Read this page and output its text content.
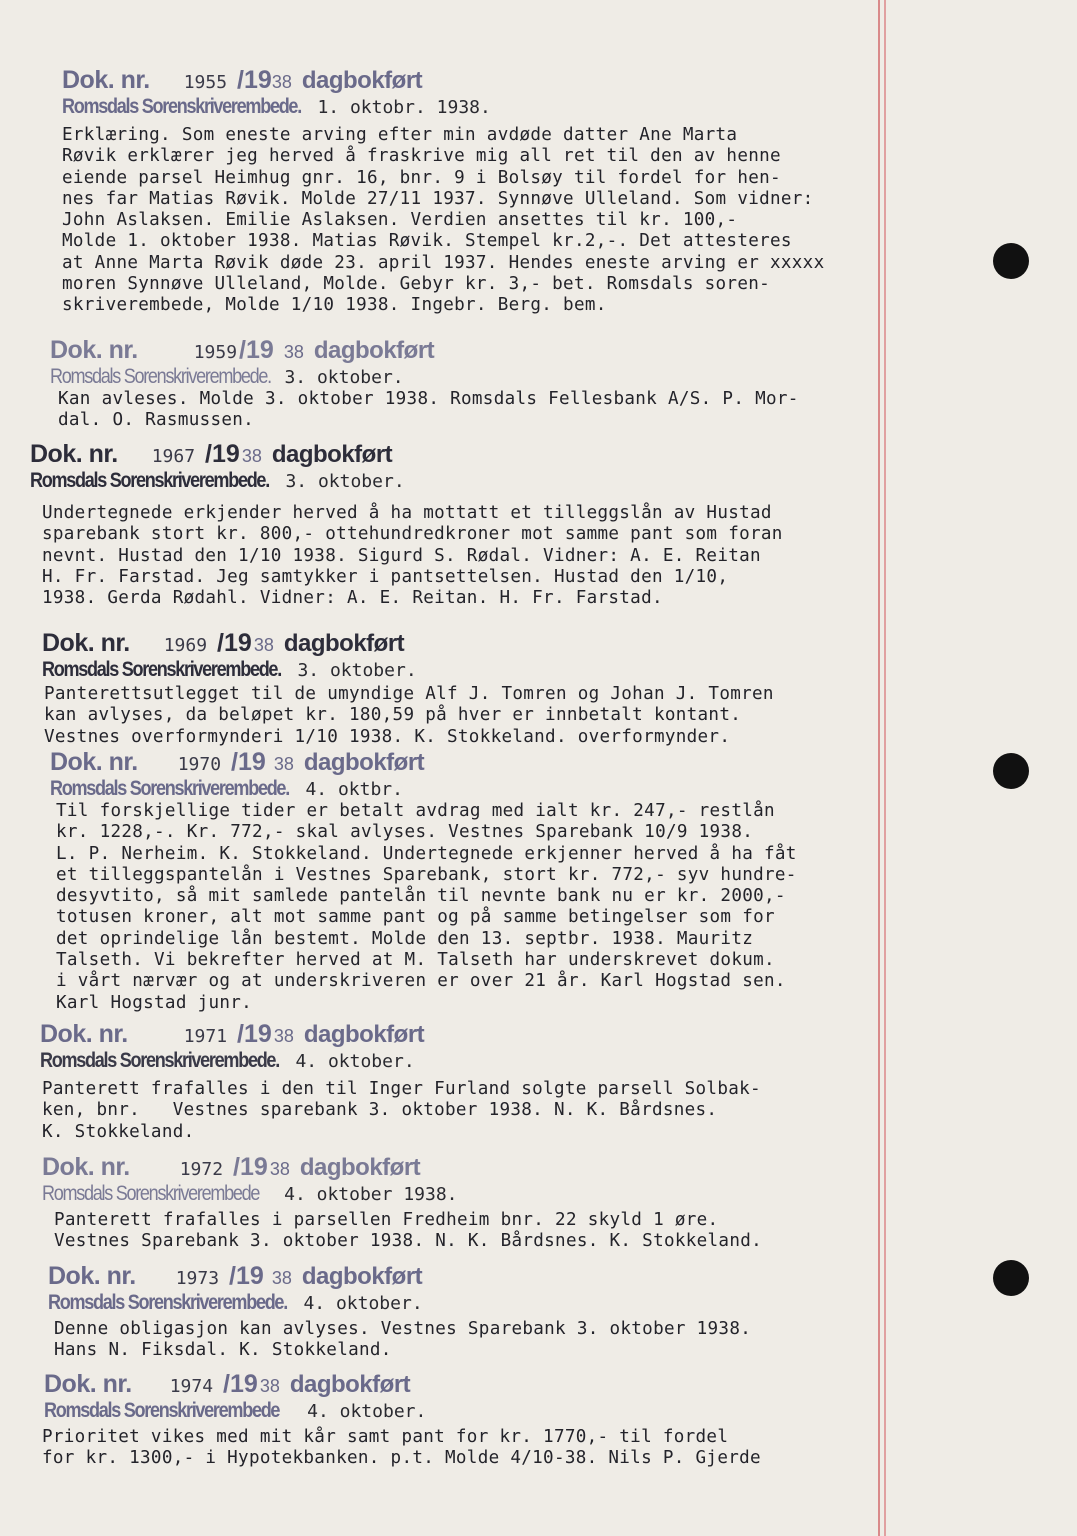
Dok. nr. 1955 /1938 dagbokført
Romsdals Sorenskriverembede. 1. oktobr. 1938.
Erklæring. Som eneste arving efter min avdøde datter Ane Marta
Røvik erklærer jeg herved å fraskrive mig all ret til den av henne
eiende parsel Heimhug gnr. 16, bnr. 9 i Bolsøy til fordel for hen-
nes far Matias Røvik. Molde 27/11 1937. Synnøve Ulleland. Som vidner:
John Aslaksen. Emilie Aslaksen. Verdien ansettes til kr. 100,-
Molde 1. oktober 1938. Matias Røvik. Stempel kr.2,-. Det attesteres
at Anne Marta Røvik døde 23. april 1937. Hendes eneste arving er xxxxx
moren Synnøve Ulleland, Molde. Gebyr kr. 3,- bet. Romsdals soren-
skriverembede, Molde 1/10 1938. Ingebr. Berg. bem.
Dok. nr.	1959/19 38 dagbokført
Romsdals Sorenskriverembede. 3. oktober.
Kan avleses. Molde 3. oktober 1938. Romsdals Fellesbank A/S. P. Mor-
dal. O. Rasmussen.
Dok. nr. 1967 /19 38 dagbokført
Romsdals Sorenskriverembede. 3. oktober.
Undertegnede erkjender herved å ha mottatt et tilleggslån av Hustad
sparebank stort kr. 800,- ottehundredkroner mot samme pant som foran
nevnt. Hustad den 1/10 1938. Sigurd S. Rødal. Vidner: A. E. Reitan
H. Fr. Farstad. Jeg samtykker i pantsettelsen. Hustad den 1/10,
1938. Gerda Rødahl. Vidner: A. E. Reitan. H. Fr. Farstad.
Dok. nr. 1969 /19 38 dagbokført
Romsdals Sorenskriverembede. 3. oktober.
Panterettsutlegget til de umyndige Alf J. Tomren og Johan J. Tomren
kan avlyses, da beløpet kr. 180,59 på hver er innbetalt kontant.
Vestnes overformynderi 1/10 1938. K. Stokkeland. overformynder.
Dok. nr. 1970 /19 38 dagbokført
Romsdals Sorenskriverembede. 4. oktbr.
Til forskjellige tider er betalt avdrag med ialt kr. 247,- restlån
kr. 1228,-. Kr. 772,- skal avlyses. Vestnes Sparebank 10/9 1938.
L. P. Nerheim. K. Stokkeland. Undertegnede erkjenner herved å ha fåt
et tilleggspantelån i Vestnes Sparebank, stort kr. 772,- syv hundre-
desyvtito, så mit samlede pantelån til nevnte bank nu er kr. 2000,-
totusen kroner, alt mot samme pant og på samme betingelser som for
det oprindelige lån bestemt. Molde den 13. septbr. 1938. Mauritz
Talseth. Vi bekrefter herved at M. Talseth har underskrevet dokum.
i vårt nærvær og at underskriveren er over 21 år. Karl Hogstad sen.
Karl Hogstad junr.
Dok. nr.	1971 /19 38 dagbokført
Romsdals Sorenskriverembede. 4. oktober.
Panterett frafalles i den til Inger Furland solgte parsell Solbak-
ken, bnr.   Vestnes sparebank 3. oktober 1938. N. K. Bårdsnes.
K. Stokkeland.
Dok. nr.	1972 /19 38 dagbokført
Romsdals Sorenskriverembede 4. oktober 1938.
Panterett frafalles i parsellen Fredheim bnr. 22 skyld 1 øre.
Vestnes Sparebank 3. oktober 1938. N. K. Bårdsnes. K. Stokkeland.
Dok. nr. 1973 /19 38 dagbokført
Romsdals Sorenskriverembede. 4. oktober.
Denne obligasjon kan avlyses. Vestnes Sparebank 3. oktober 1938.
Hans N. Fiksdal. K. Stokkeland.
Dok. nr. 1974 /19 38 dagbokført
Romsdals Sorenskriverembede 4. oktober.
Prioritet vikes med mit kår samt pant for kr. 1770,- til fordel
for kr. 1300,- i Hypotekbanken. p.t. Molde 4/10-38. Nils P. Gjerde
